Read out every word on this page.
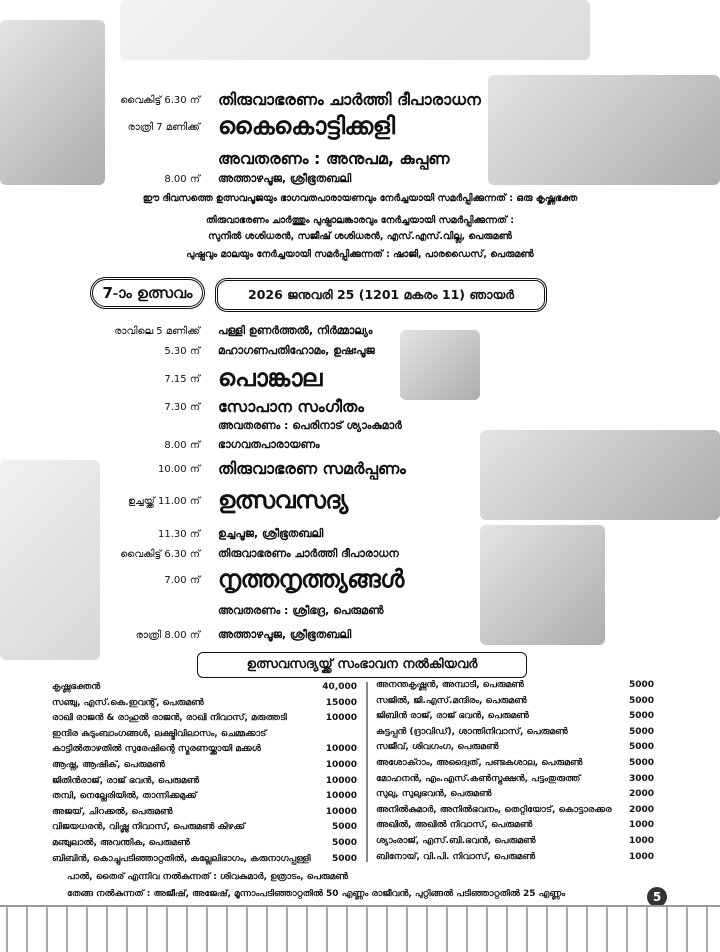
വൈകിട്ട് 6.30 ന് തിരുവാഭരണം ചാർത്തി ദീപാരാധന
രാത്രി 7 മണിക്ക് കൈകൊട്ടിക്കളി
അവതരണം : അനുപമ, കുപ്പണ
8.00 ന് അത്താഴപൂജ, ശ്രീഭൂതബലി
ഈ ദിവസത്തെ ഉത്സവപൂജയും ഭാഗവതപാരായണവും നേർച്ചയായി സമർപ്പിക്കുന്നത് : ഒരു കൃഷ്ണഭക്ത
തിരുവാഭരണം ചാർത്തും പുഷ്പാലങ്കാരവും നേർച്ചയായി സമർപ്പിക്കുന്നത് :
സുനിൽ ശശിധരൻ, സജീഷ് ശശിധരൻ, എസ്.എസ്.വില്ല, പെരുമൺ
പുഷ്പവും മാലയും നേർച്ചയായി സമർപ്പിക്കുന്നത് : ഷാജി, പാരഡൈസ്, പെരുമൺ
7-ാം ഉത്സവം	2026 ജനുവരി 25 (1201 മകരം 11) ഞായർ
രാവിലെ 5 മണിക്ക് പള്ളി ഉണർത്തൽ, നിർമ്മാല്യം
5.30 ന് മഹാഗണപതിഹോമം, ഉഷഃപൂജ
7.15 ന് പൊങ്കാല
7.30 ന് സോപാന സംഗീതം
അവതരണം : പെരിനാട് ശ്യാംകുമാർ
8.00 ന് ഭാഗവതപാരായണം
10.00 ന് തിരുവാഭരണ സമർപ്പണം
ഉച്ചയ്ക്ക് 11.00 ന് ഉത്സവസദ്യ
11.30 ന് ഉച്ചപൂജ, ശ്രീഭൂതബലി
വൈകിട്ട് 6.30 ന് തിരുവാഭരണം ചാർത്തി ദീപാരാധന
7.00 ന് നൃത്തനൃത്ത്യങ്ങൾ
അവതരണം : ശ്രീഭദ്ര, പെരുമൺ
രാത്രി 8.00 ന് അത്താഴപൂജ, ശ്രീഭൂതബലി
ഉത്സവസദ്യയ്ക്ക് സംഭാവന നൽകിയവർ
കൃഷ്ണഭക്തൻ	40,000
സഞ്ചു, എസ്.കെ.ഇവന്റ്, പെരുമൺ	15000
രാഖി രാജൻ & രാഹുൽ രാജൻ, രാഖി നിവാസ്, മരുത്തടി	10000
ഇന്ദിര കുടുംബാംഗങ്ങൾ, ലക്ഷ്മിവിലാസം, ചെമ്മക്കാട്
കാട്ടിൽതാഴതിൽ സുരേഷിന്റെ സ്മരണയ്ക്കായി മക്കൾ	10000
ആഷ്ന, ആഷിക്, പെരുമൺ	10000
ജിതിൻരാജ്, രാജ് ഭവൻ, പെരുമൺ	10000
തമ്പി, നെല്ലേരിയിൽ, താന്നിക്കമുക്ക്	10000
അജയ്, ചിറക്കൽ, പെരുമൺ	10000
വിജയധരൻ, വിഷ്ണു നിവാസ്, പെരുമൺ കിഴക്ക്	5000
മഞ്ചുലാൽ, അവന്തിക, പെരുമൺ	5000
ബിബിൻ, കൊച്ചുപടിഞ്ഞാറ്റതിൽ, കല്ലേലിഭാഗം, കരുനാഗപ്പള്ളി 5000
അനന്തകൃഷ്ണൻ, അമ്പാടി, പെരുമൺ	5000
സജിൽ, ജി.എസ്.മന്ദിരം, പെരുമൺ	5000
ജിബിൻ രാജ്, രാജ് ഭവൻ, പെരുമൺ	5000
കുട്ടപ്പൻ (ദ്രാവിഡ്), ശാന്തിനിവാസ്, പെരുമൺ	5000
സജീവ്, ശിവഗംഗ, പെരുമൺ	5000
അശോക്റാം, അദ്വൈത്, പണ്ടകശാല, പെരുമൺ	5000
മോഹനൻ, എം.എസ്.കൺസ്ട്രക്ഷൻ, പട്ടംതുരുത്ത്	3000
സുലു, സുലുഭവൻ, പെരുമൺ	2000
അനിൽകുമാർ, അനിൽഭവനം, തെറ്റിയോട്, കൊട്ടാരക്കര 2000
അഖിൽ, അഖിൽ നിവാസ്, പെരുമൺ	1000
ശ്യാംരാജ്, എസ്.ബി.ഭവൻ, പെരുമൺ	1000
ബിനോയ്, വി.പി. നിവാസ്, പെരുമൺ	1000
പാൽ, തൈര് എന്നിവ നൽകുന്നത് : ശിവകുമാർ, ഉത്രാടം, പെരുമൺ
തേങ്ങ നൽകുന്നത് : അജീഷ്, അജേഷ്, മൂന്നാംപടിഞ്ഞാറ്റതിൽ 50 എണ്ണം രാജീവൻ, പുറ്റിങ്ങൽ പടിഞ്ഞാറ്റതിൽ 25 എണ്ണം	5
